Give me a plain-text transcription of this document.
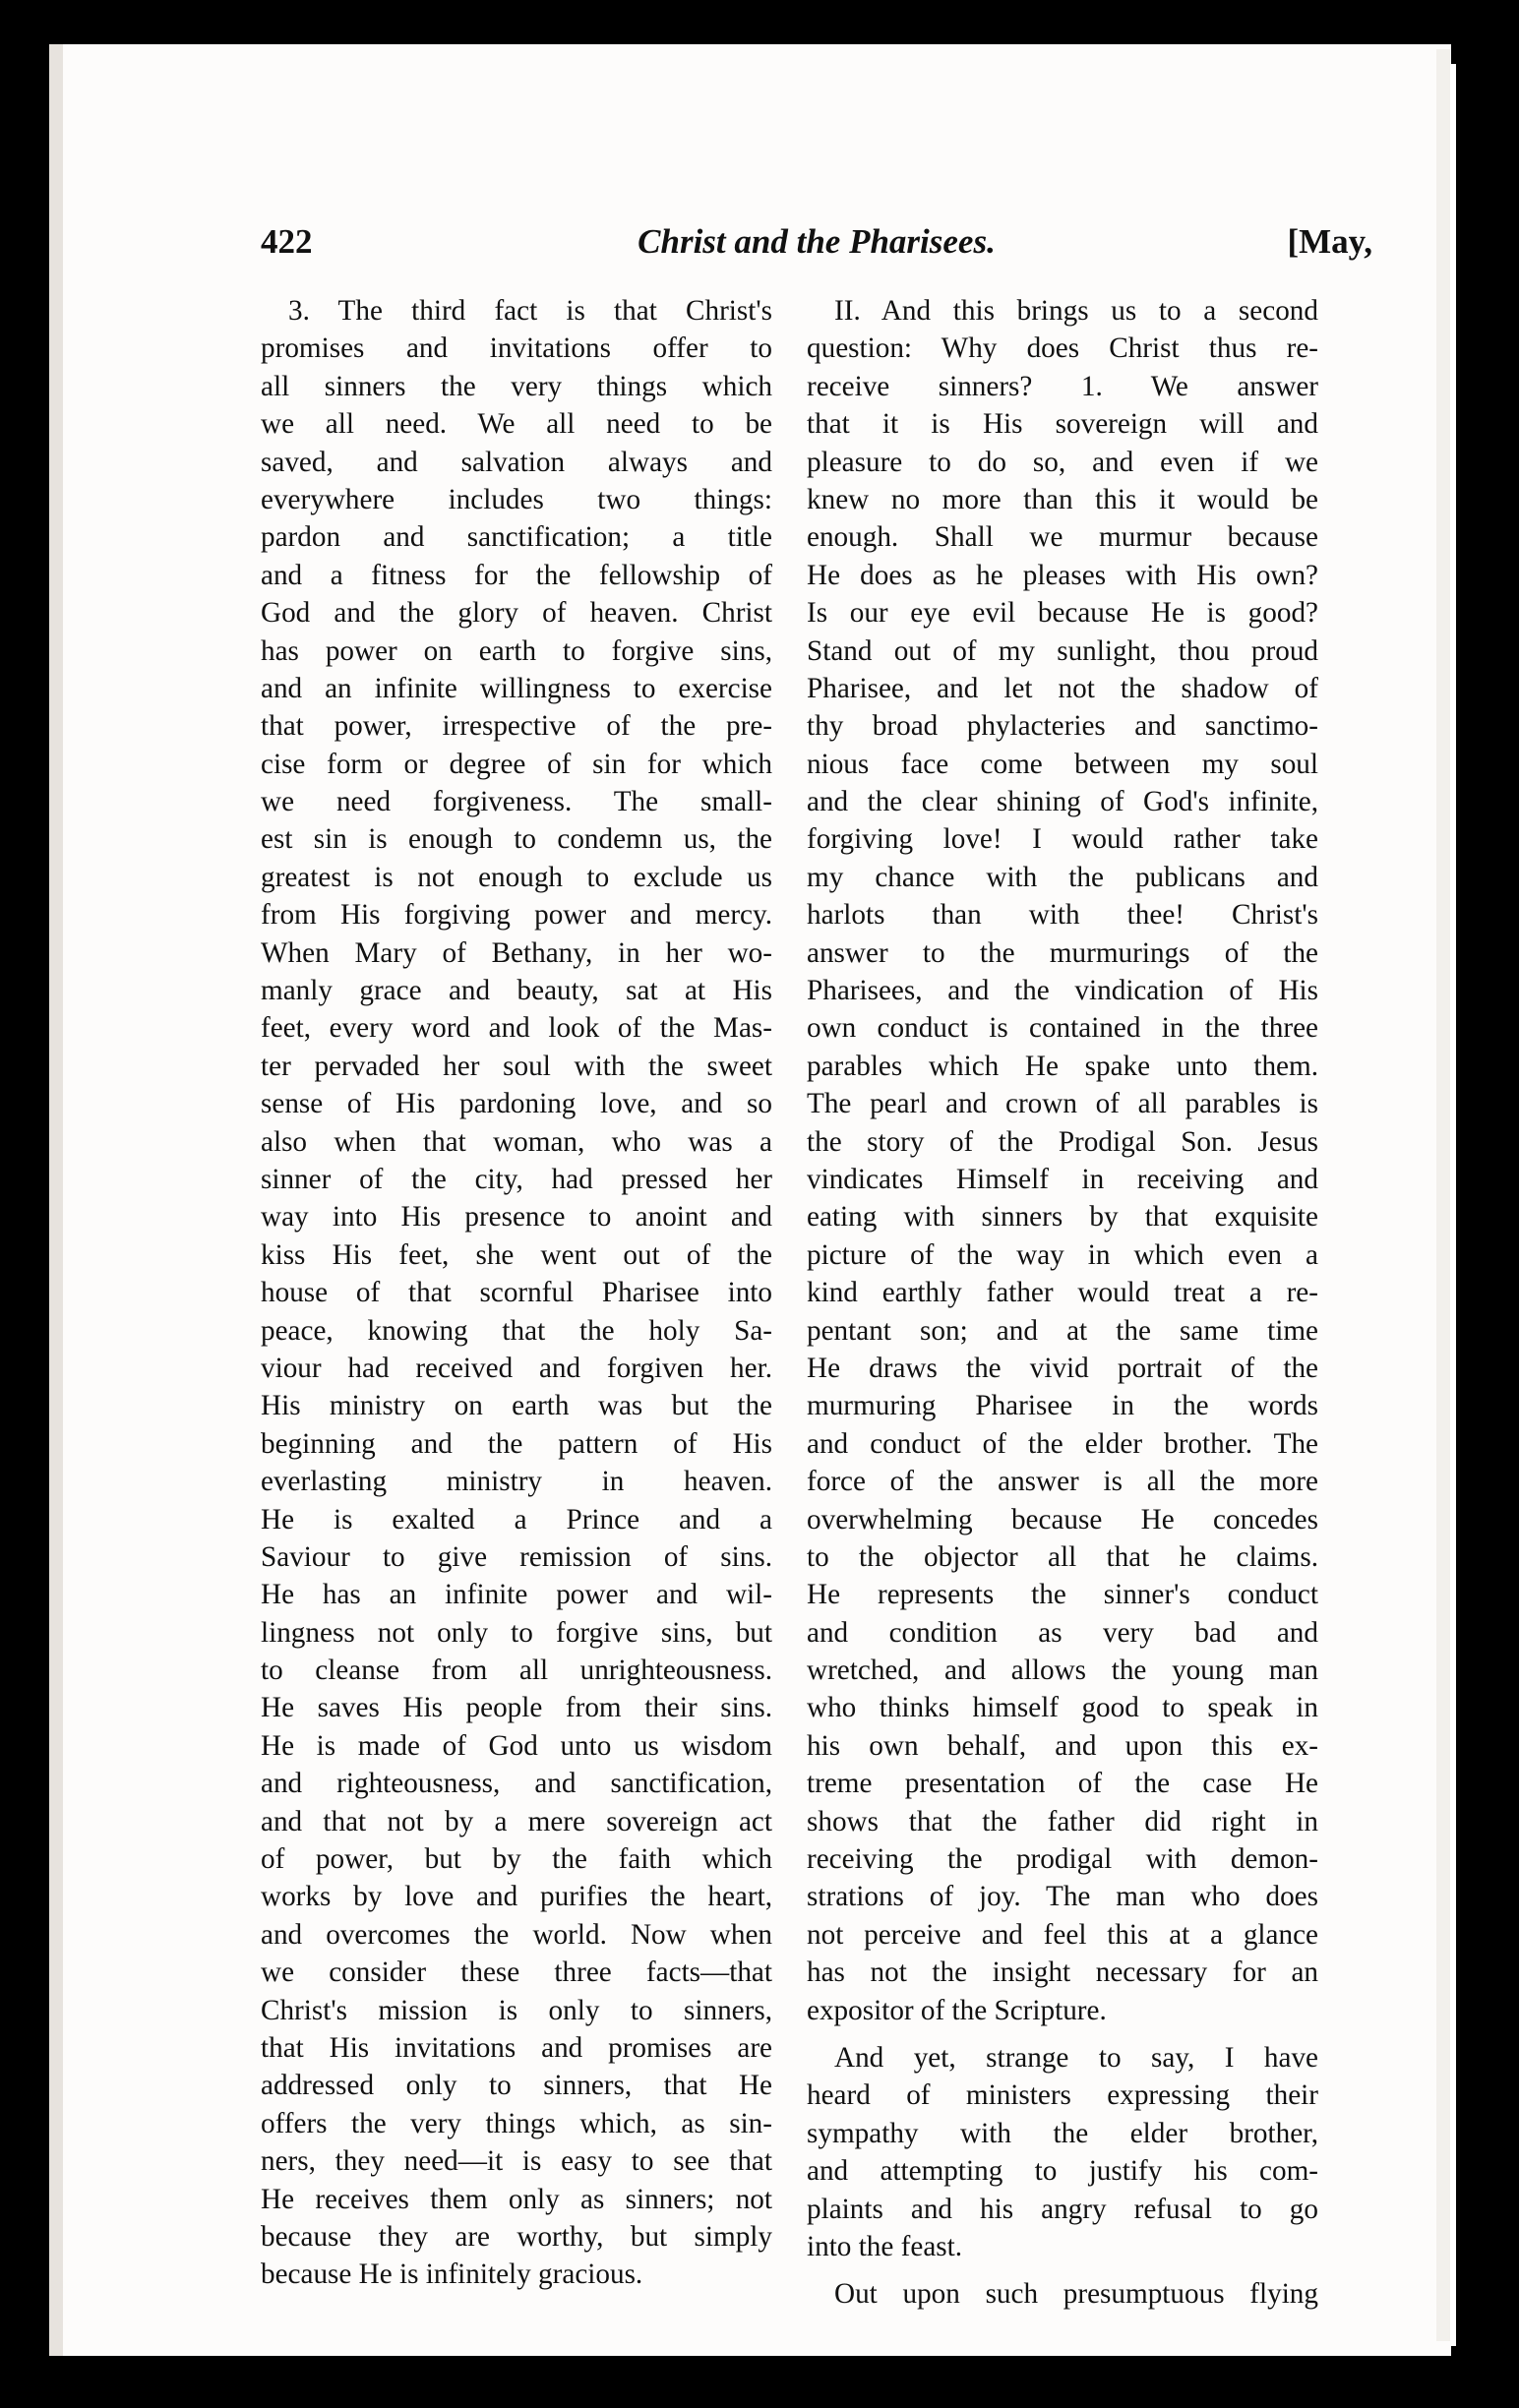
422	Christ and the Pharisees.	[May,
3. The third fact is that Christ's
promises and invitations offer to
all sinners the very things which
we all need. We all need to be
saved, and salvation always and
everywhere includes two things:
pardon and sanctification; a title
and a fitness for the fellowship of
God and the glory of heaven. Christ
has power on earth to forgive sins,
and an infinite willingness to exercise
that power, irrespective of the pre-
cise form or degree of sin for which
we need forgiveness. The small-
est sin is enough to condemn us, the
greatest is not enough to exclude us
from His forgiving power and mercy.
When Mary of Bethany, in her wo-
manly grace and beauty, sat at His
feet, every word and look of the Mas-
ter pervaded her soul with the sweet
sense of His pardoning love, and so
also when that woman, who was a
sinner of the city, had pressed her
way into His presence to anoint and
kiss His feet, she went out of the
house of that scornful Pharisee into
peace, knowing that the holy Sa-
viour had received and forgiven her.
His ministry on earth was but the
beginning and the pattern of His
everlasting ministry in heaven.
He is exalted a Prince and a
Saviour to give remission of sins.
He has an infinite power and wil-
lingness not only to forgive sins, but
to cleanse from all unrighteousness.
He saves His people from their sins.
He is made of God unto us wisdom
and righteousness, and sanctification,
and that not by a mere sovereign act
of power, but by the faith which
works by love and purifies the heart,
and overcomes the world. Now when
we consider these three facts—that
Christ's mission is only to sinners,
that His invitations and promises are
addressed only to sinners, that He
offers the very things which, as sin-
ners, they need—it is easy to see that
He receives them only as sinners; not
because they are worthy, but simply
because He is infinitely gracious.
II. And this brings us to a second
question: Why does Christ thus re-
receive sinners? 1. We answer
that it is His sovereign will and
pleasure to do so, and even if we
knew no more than this it would be
enough. Shall we murmur because
He does as he pleases with His own?
Is our eye evil because He is good?
Stand out of my sunlight, thou proud
Pharisee, and let not the shadow of
thy broad phylacteries and sanctimo-
nious face come between my soul
and the clear shining of God's infinite,
forgiving love! I would rather take
my chance with the publicans and
harlots than with thee! Christ's
answer to the murmurings of the
Pharisees, and the vindication of His
own conduct is contained in the three
parables which He spake unto them.
The pearl and crown of all parables is
the story of the Prodigal Son. Jesus
vindicates Himself in receiving and
eating with sinners by that exquisite
picture of the way in which even a
kind earthly father would treat a re-
pentant son; and at the same time
He draws the vivid portrait of the
murmuring Pharisee in the words
and conduct of the elder brother. The
force of the answer is all the more
overwhelming because He concedes
to the objector all that he claims.
He represents the sinner's conduct
and condition as very bad and
wretched, and allows the young man
who thinks himself good to speak in
his own behalf, and upon this ex-
treme presentation of the case He
shows that the father did right in
receiving the prodigal with demon-
strations of joy. The man who does
not perceive and feel this at a glance
has not the insight necessary for an
expositor of the Scripture.
And yet, strange to say, I have
heard of ministers expressing their
sympathy with the elder brother,
and attempting to justify his com-
plaints and his angry refusal to go
into the feast.
Out upon such presumptuous flying
